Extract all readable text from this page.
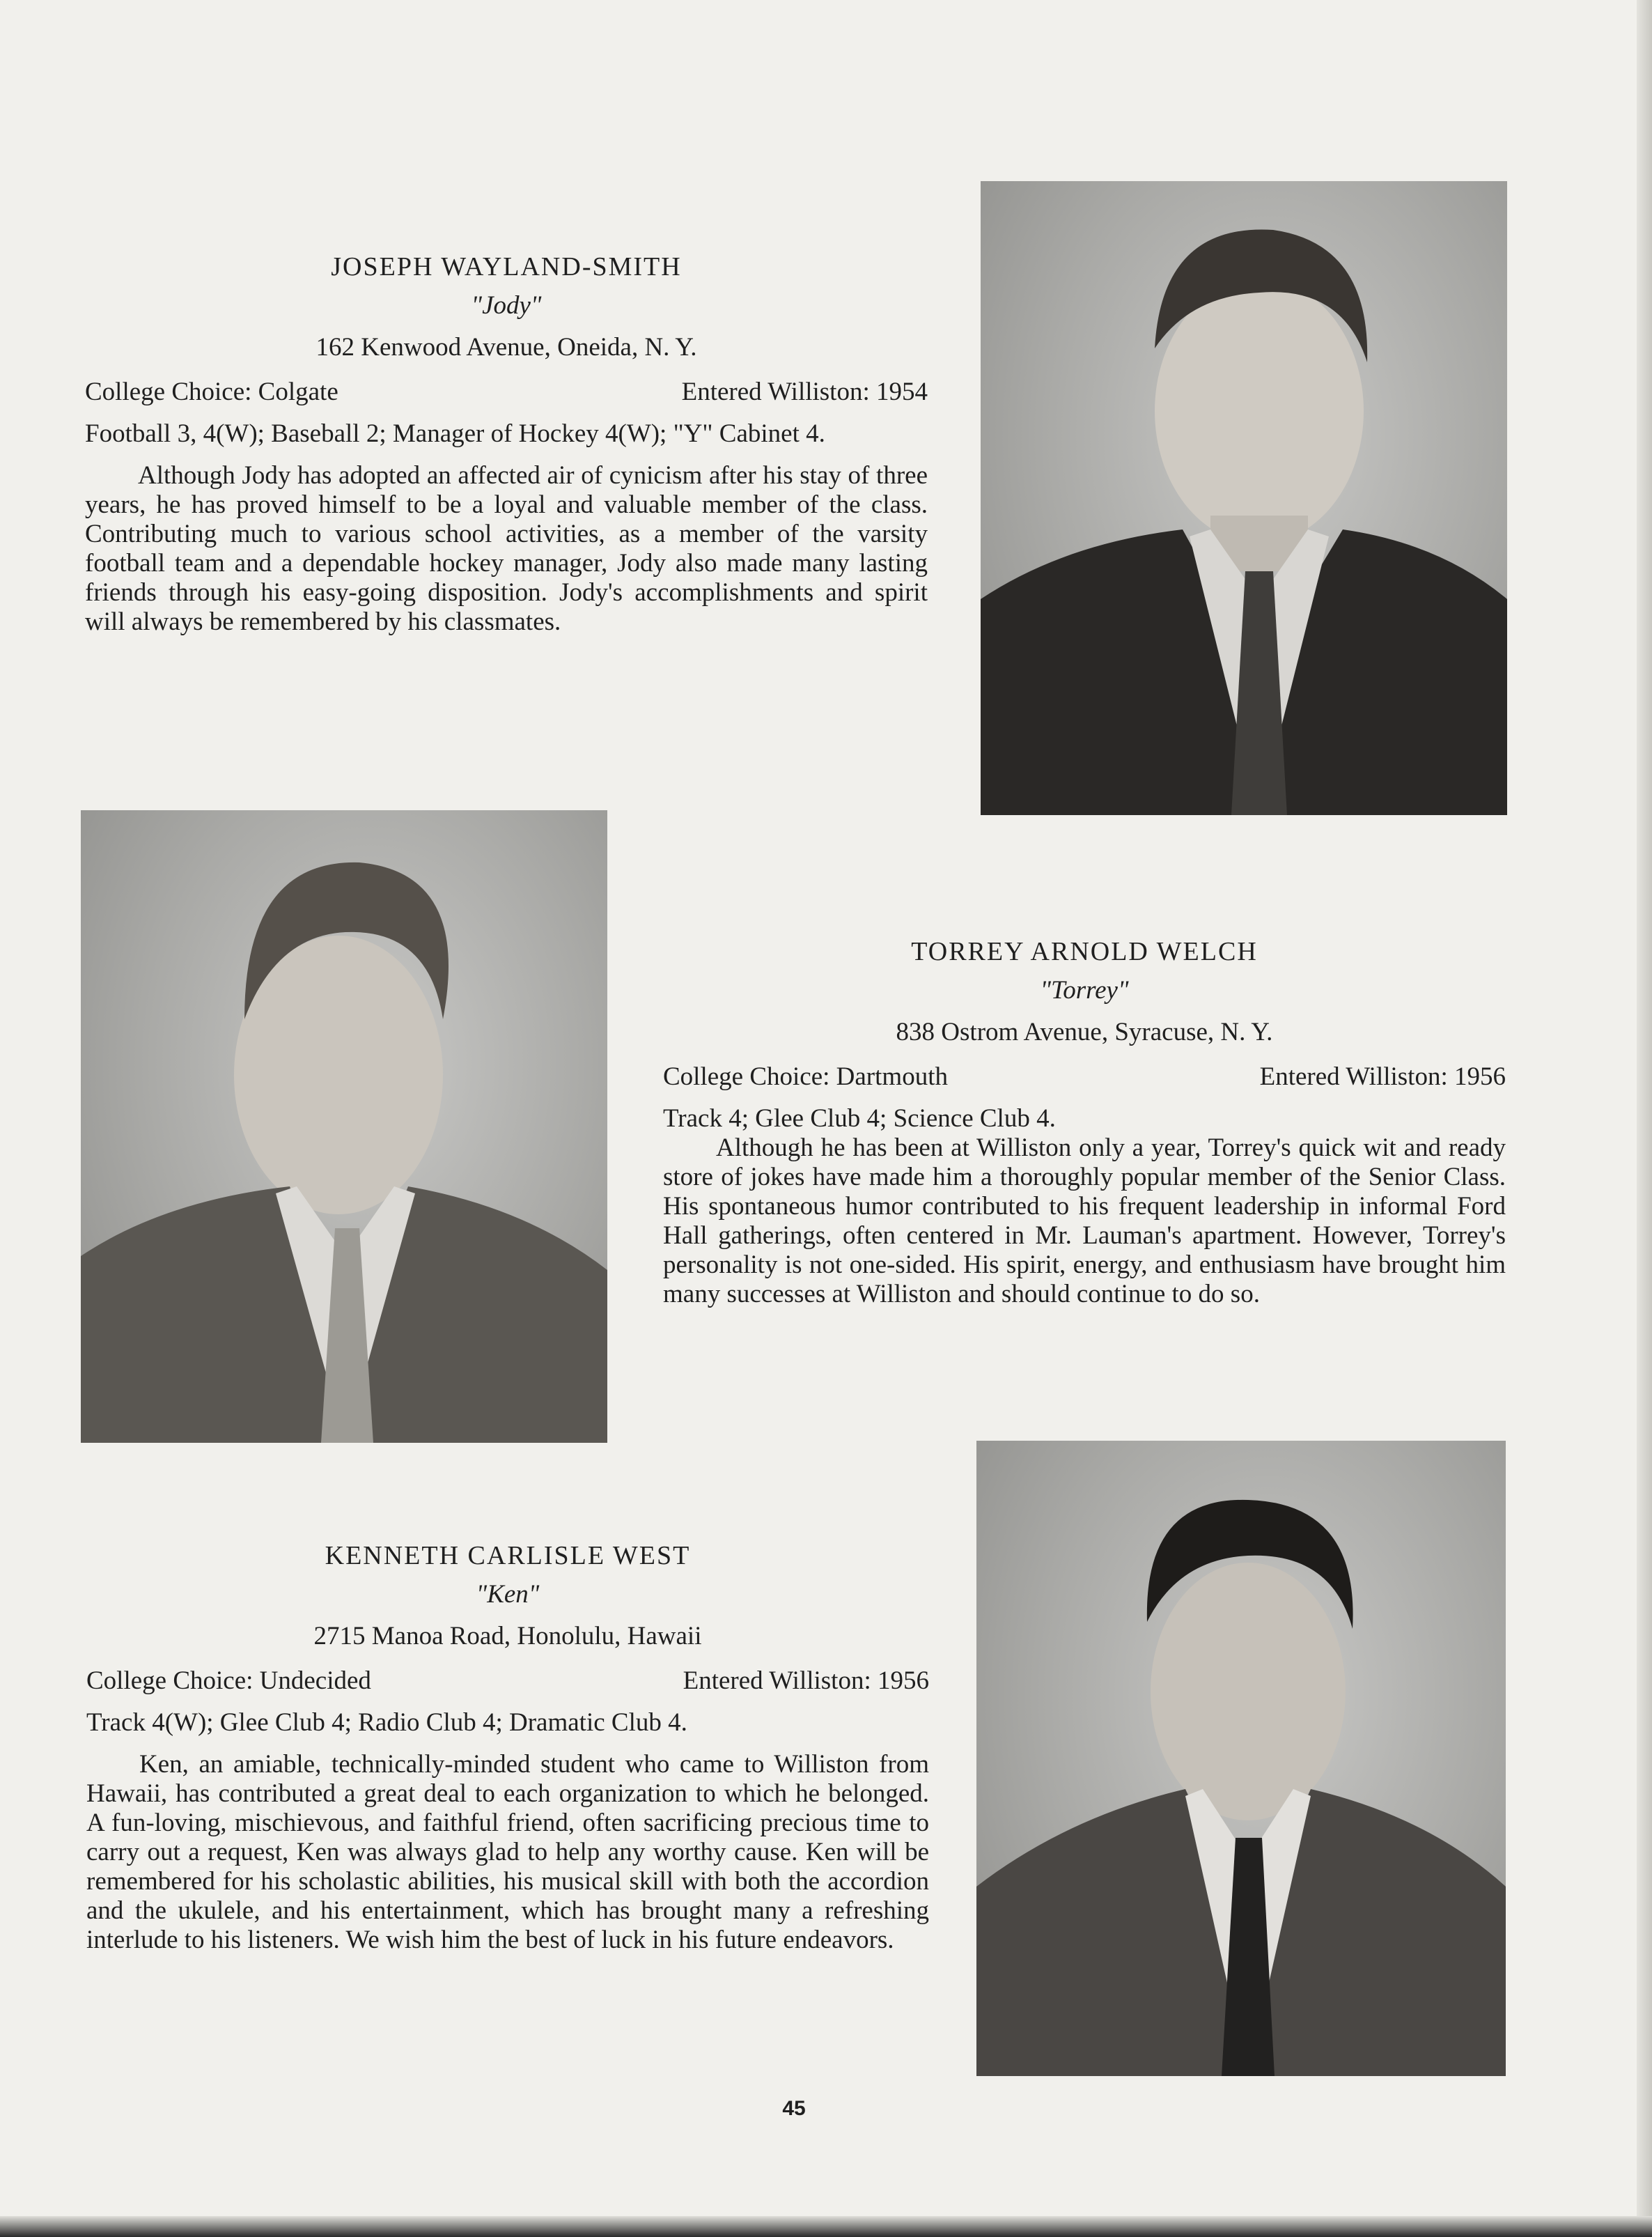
JOSEPH WAYLAND-SMITH
"Jody"
162 Kenwood Avenue, Oneida, N. Y.
College Choice: Colgate	Entered Williston: 1954
Football 3, 4(W); Baseball 2; Manager of Hockey 4(W); "Y" Cabinet 4.
Although Jody has adopted an affected air of cynicism after his stay of three years, he has proved himself to be a loyal and valuable member of the class. Contributing much to various school activities, as a member of the varsity football team and a dependable hockey manager, Jody also made many lasting friends through his easy-going disposition. Jody's accomplishments and spirit will always be remembered by his classmates.
TORREY ARNOLD WELCH
"Torrey"
838 Ostrom Avenue, Syracuse, N. Y.
College Choice: Dartmouth	Entered Williston: 1956
Track 4; Glee Club 4; Science Club 4.
Although he has been at Williston only a year, Torrey's quick wit and ready store of jokes have made him a thoroughly popular member of the Senior Class. His spontaneous humor contributed to his frequent leadership in informal Ford Hall gatherings, often centered in Mr. Lauman's apartment. However, Torrey's personality is not one-sided. His spirit, energy, and enthusiasm have brought him many successes at Williston and should continue to do so.
KENNETH CARLISLE WEST
"Ken"
2715 Manoa Road, Honolulu, Hawaii
College Choice: Undecided	Entered Williston: 1956
Track 4(W); Glee Club 4; Radio Club 4; Dramatic Club 4.
Ken, an amiable, technically-minded student who came to Williston from Hawaii, has contributed a great deal to each organization to which he belonged. A fun-loving, mischievous, and faithful friend, often sacrificing precious time to carry out a request, Ken was always glad to help any worthy cause. Ken will be remembered for his scholastic abilities, his musical skill with both the accordion and the ukulele, and his entertainment, which has brought many a refreshing interlude to his listeners. We wish him the best of luck in his future endeavors.
45
